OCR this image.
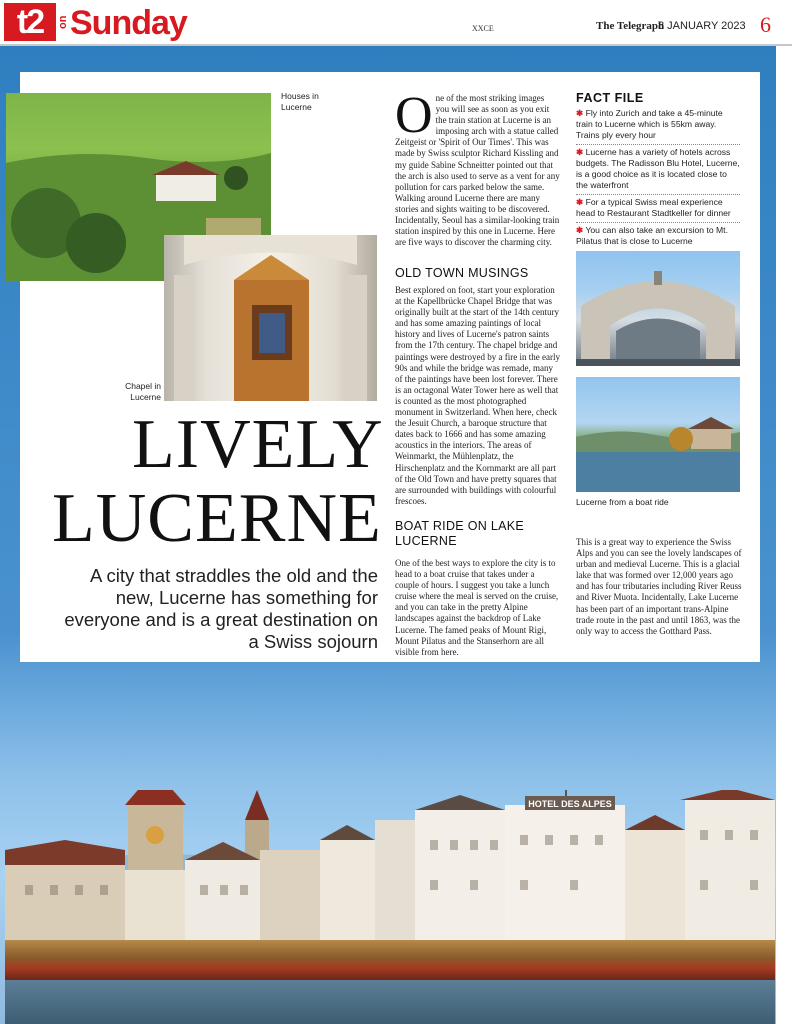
t2	on Sunday	XXCE	The Telegraph
8 JANUARY 2023 6
HOTEL DES ALPES
Houses in Lucerne
Chapel in Lucerne
Lucerne from a boat ride
LIVELY
LUCERNE
A city that straddles the old and the new, Lucerne has something for everyone and is a great destination on a Swiss sojourn
O ne of the most striking images you will see as soon as you exit the train station at Lucerne is an imposing arch with a statue called Zeitgeist or 'Spirit of Our Times'. This was made by Swiss sculptor Richard Kissling and my guide Sabine Schneitter pointed out that the arch is also used to serve as a vent for any pollution for cars parked below the same. Walking around Lucerne there are many stories and sights waiting to be discovered. Incidentally, Seoul has a similar-looking train station inspired by this one in Lucerne. Here are five ways to discover the charming city.

OLD TOWN MUSINGS
Best explored on foot, start your exploration at the Kapellbrücke Chapel Bridge that was originally built at the start of the 14th century and has some amazing paintings of local history and lives of Lucerne's patron saints from the 17th century. The chapel bridge and paintings were destroyed by a fire in the early 90s and while the bridge was remade, many of the paintings have been lost forever. There is an octagonal Water Tower here as well that is counted as the most photographed monument in Switzerland. When here, check the Jesuit Church, a baroque structure that dates back to 1666 and has some amazing acoustics in the interiors. The areas of Weinmarkt, the Mühlenplatz, the Hirschenplatz and the Kornmarkt are all part of the Old Town and have pretty squares that are surrounded with buildings with colourful frescoes.
BOAT RIDE ON LAKE LUCERNE
One of the best ways to explore the city is to head to a boat cruise that takes under a couple of hours. I suggest you take a lunch cruise where the meal is served on the cruise, and you can take in the pretty Alpine landscapes against the backdrop of Lake Lucerne. The famed peaks of Mount Rigi, Mount Pilatus and the Stanserhorn are all visible from here.
FACT FILE
✱ Fly into Zurich and take a 45-minute train to Lucerne which is 55km away. Trains ply every hour
✱ Lucerne has a variety of hotels across budgets. The Radisson Blu Hotel, Lucerne, is a good choice as it is located close to the waterfront
✱ For a typical Swiss meal experience head to Restaurant Stadtkeller for dinner
✱ You can also take an excursion to Mt. Pilatus that is close to Lucerne
This is a great way to experience the Swiss Alps and you can see the lovely landscapes of urban and medieval Lucerne. This is a glacial lake that was formed over 12,000 years ago and has four tributaries including River Reuss and River Muota. Incidentally, Lake Lucerne has been part of an important trans-Alpine trade route in the past and until 1863, was the only way to access the Gotthard Pass.
